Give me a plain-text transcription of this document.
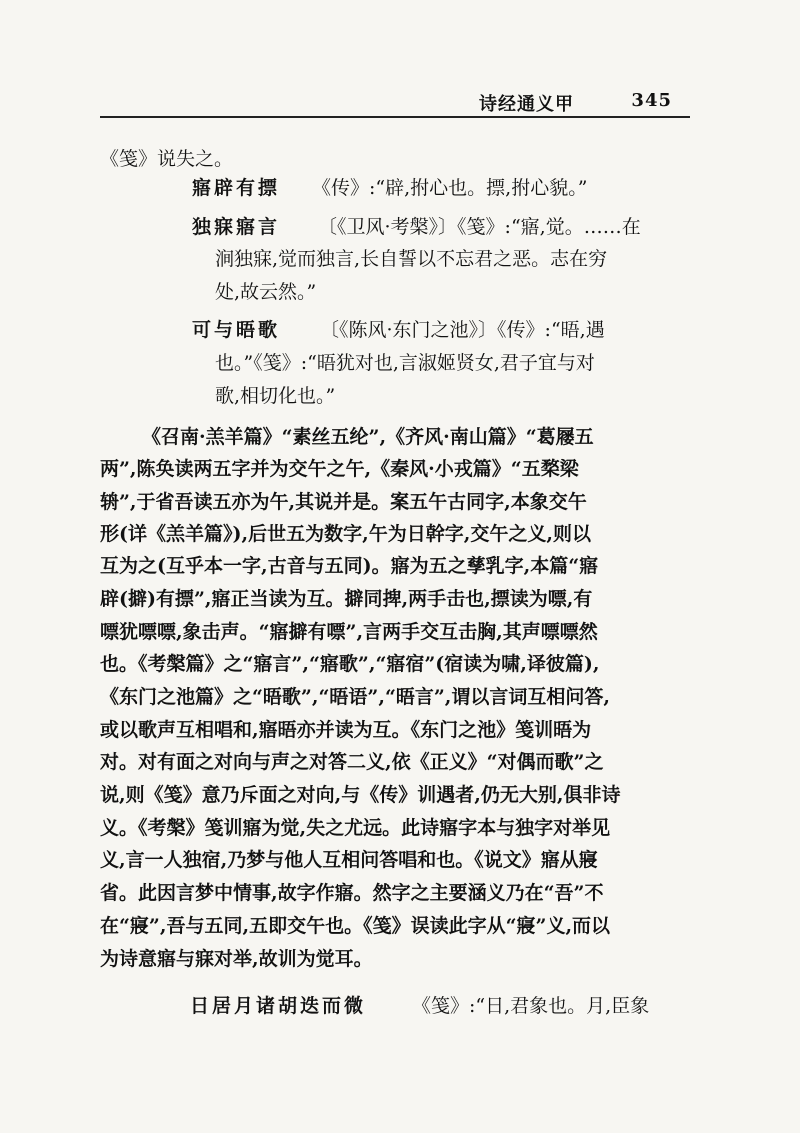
诗经通义甲	345
《笺》说失之。
寤辟有摽 《传》:“辟,拊心也。摽,拊心貌。”
独寐寤言 〔《卫风·考槃》〕《笺》:“寤,觉。……在
涧独寐,觉而独言,长自誓以不忘君之恶。志在穷
处,故云然。”
可与晤歌 〔《陈风·东门之池》〕《传》:“晤,遇
也。”《笺》:“晤犹对也,言淑姬贤女,君子宜与对
歌,相切化也。”
《召南·羔羊篇》“素丝五纶”,《齐风·南山篇》“葛屦五
两”,陈奂读两五字并为交午之午,《秦风·小戎篇》“五楘梁
辀”,于省吾读五亦为午,其说并是。案五午古同字,本象交午
形(详《羔羊篇》),后世五为数字,午为日幹字,交午之义,则以
互为之(互乎本一字,古音与五同)。寤为五之孳乳字,本篇“寤
辟(擗)有摽”,寤正当读为互。擗同捭,两手击也,摽读为嘌,有
嘌犹嘌嘌,象击声。“寤擗有嘌”,言两手交互击胸,其声嘌嘌然
也。《考槃篇》之“寤言”,“寤歌”,“寤宿”(宿读为啸,译彼篇),
《东门之池篇》之“晤歌”,“晤语”,“晤言”,谓以言词互相问答,
或以歌声互相唱和,寤晤亦并读为互。《东门之池》笺训晤为
对。对有面之对向与声之对答二义,依《正义》“对偶而歌”之
说,则《笺》意乃斥面之对向,与《传》训遇者,仍无大别,俱非诗
义。《考槃》笺训寤为觉,失之尤远。此诗寤字本与独字对举见
义,言一人独宿,乃梦与他人互相问答唱和也。《说文》寤从寢
省。此因言梦中情事,故字作寤。然字之主要涵义乃在“吾”不
在“寢”,吾与五同,五即交午也。《笺》误读此字从“寢”义,而以
为诗意寤与寐对举,故训为觉耳。
日居月诸胡迭而微 《笺》:“日,君象也。月,臣象
